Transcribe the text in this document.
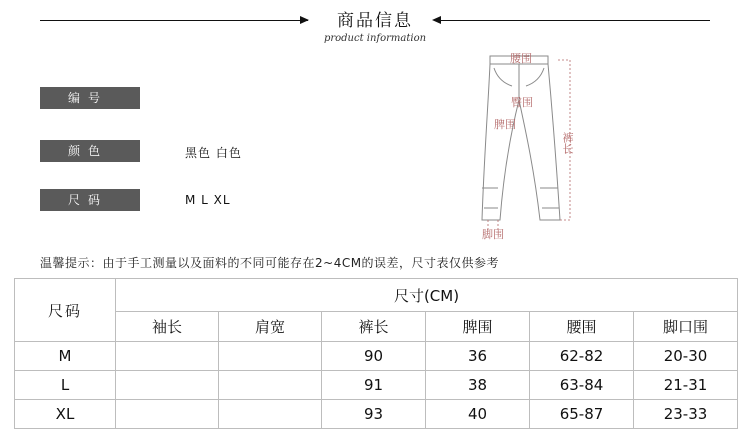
商品信息
product information
编号
颜色	黑色 白色
尺码	M L XL
腰围
臀围
脾围
裤长
脚围
温馨提示：由于手工测量以及面料的不同可能存在2~4CM的误差，尺寸表仅供参考
尺码	尺寸(CM)					
	袖长	肩宽	裤长	脾围	腰围	脚口围
M			90	36	62-82	20-30
L			91	38	63-84	21-31
XL			93	40	65-87	23-33
